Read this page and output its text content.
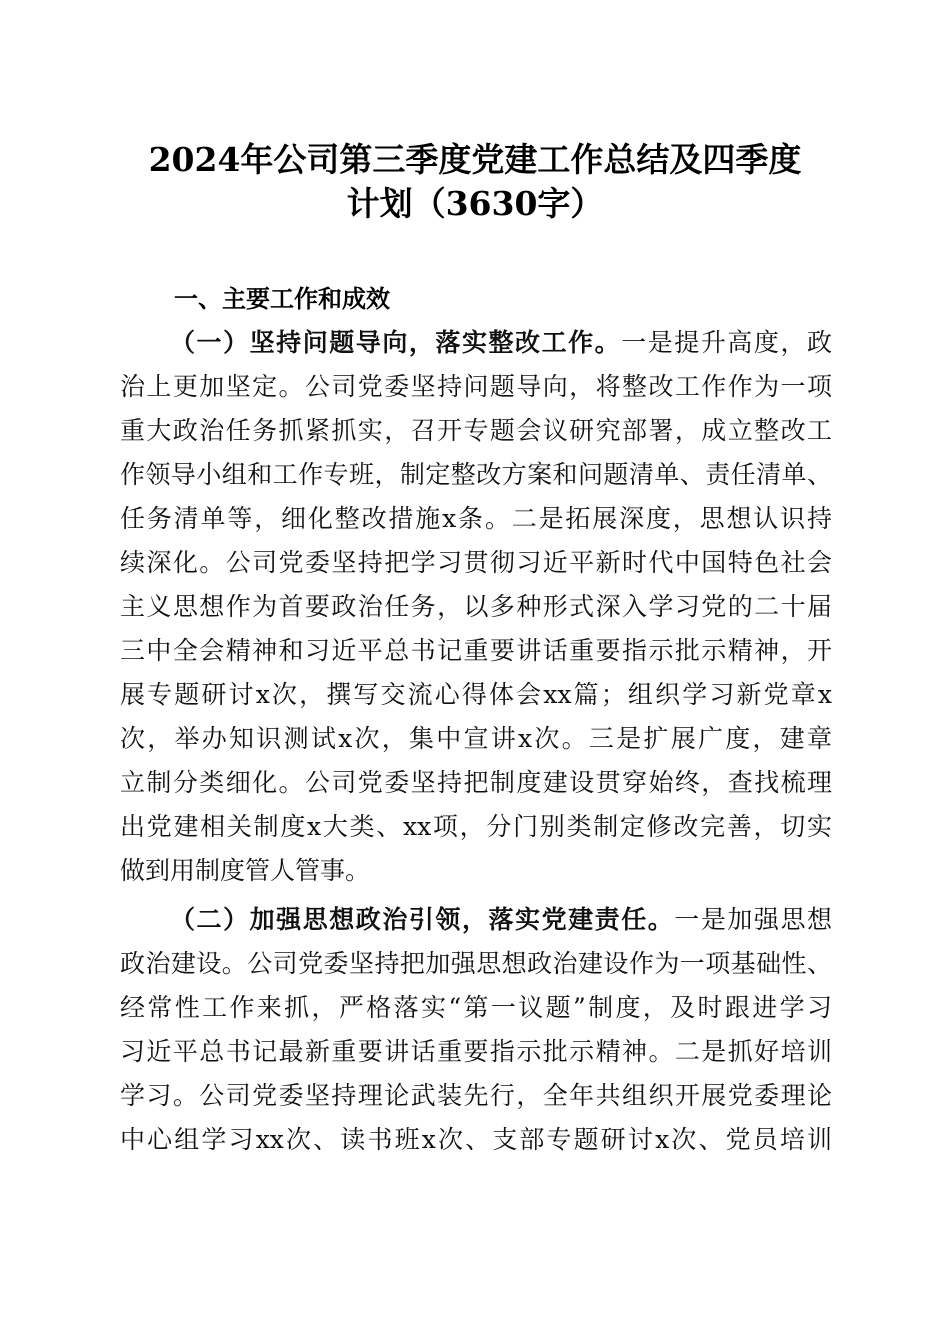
2024年公司第三季度党建工作总结及四季度
计划（3630字）
一、主要工作和成效
（一）坚持问题导向，落实整改工作。一是提升高度，政
治上更加坚定。公司党委坚持问题导向，将整改工作作为一项
重大政治任务抓紧抓实，召开专题会议研究部署，成立整改工
作领导小组和工作专班，制定整改方案和问题清单、责任清单、
任务清单等，细化整改措施x条。二是拓展深度，思想认识持
续深化。公司党委坚持把学习贯彻习近平新时代中国特色社会
主义思想作为首要政治任务，以多种形式深入学习党的二十届
三中全会精神和习近平总书记重要讲话重要指示批示精神，开
展专题研讨x次，撰写交流心得体会xx篇；组织学习新党章x
次，举办知识测试x次，集中宣讲x次。三是扩展广度，建章
立制分类细化。公司党委坚持把制度建设贯穿始终，查找梳理
出党建相关制度x大类、xx项，分门别类制定修改完善，切实
做到用制度管人管事。
（二）加强思想政治引领，落实党建责任。一是加强思想
政治建设。公司党委坚持把加强思想政治建设作为一项基础性、
经常性工作来抓，严格落实“第一议题”制度，及时跟进学习
习近平总书记最新重要讲话重要指示批示精神。二是抓好培训
学习。公司党委坚持理论武装先行，全年共组织开展党委理论
中心组学习xx次、读书班x次、支部专题研讨x次、党员培训
